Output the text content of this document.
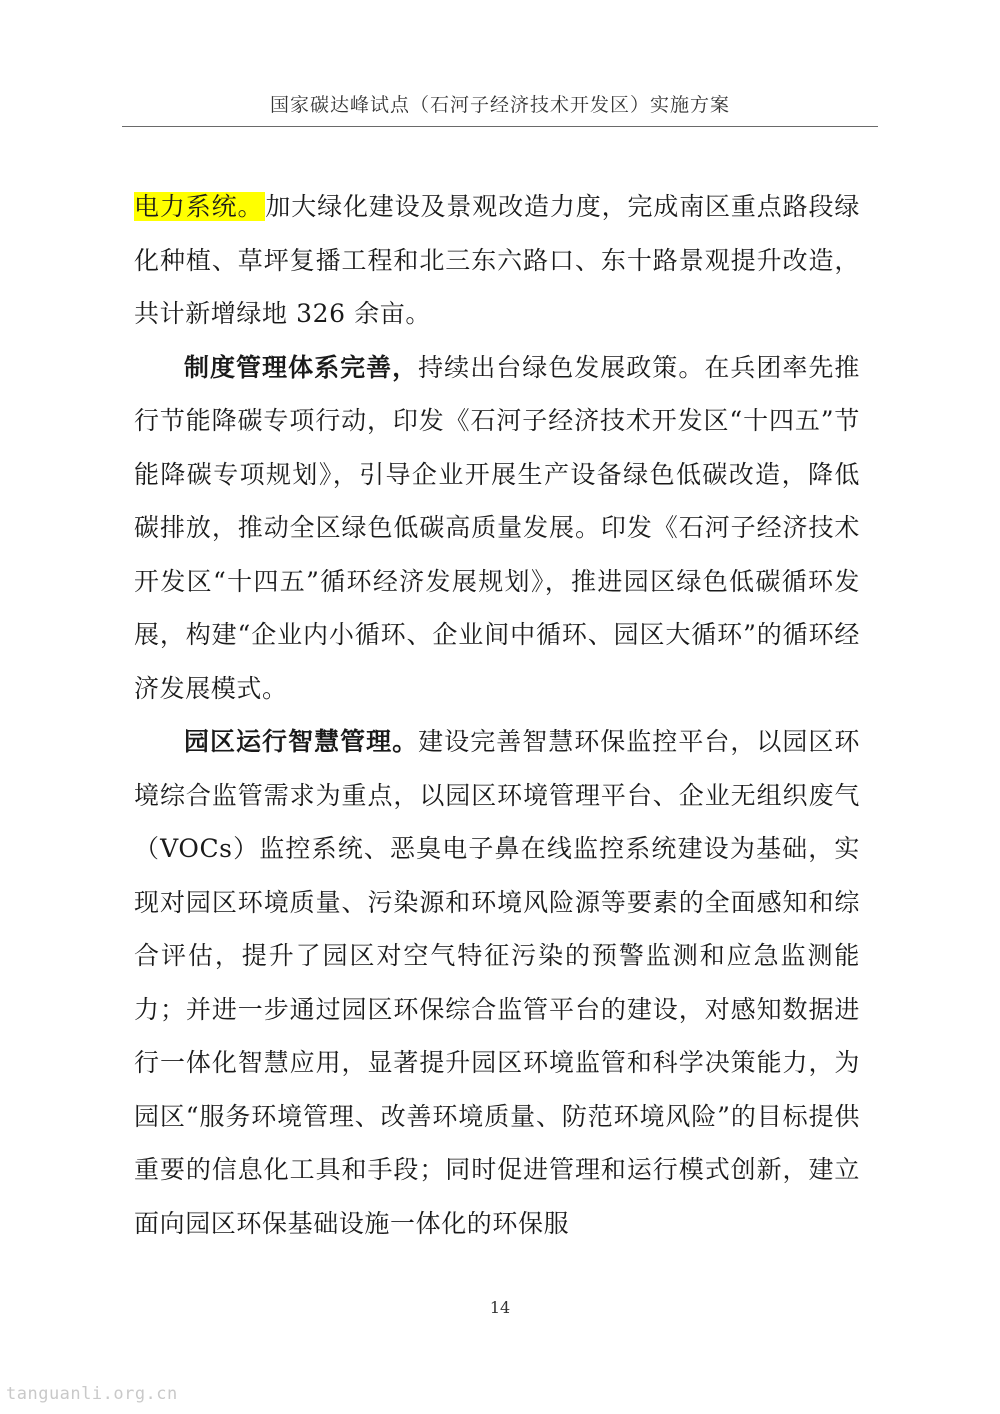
国家碳达峰试点（石河子经济技术开发区）实施方案

电力系统。加大绿化建设及景观改造力度，完成南区重点路段绿化种植、草坪复播工程和北三东六路口、东十路景观提升改造，共计新增绿地 326 余亩。

制度管理体系完善，持续出台绿色发展政策。在兵团率先推行节能降碳专项行动，印发《石河子经济技术开发区“十四五”节能降碳专项规划》，引导企业开展生产设备绿色低碳改造，降低碳排放，推动全区绿色低碳高质量发展。印发《石河子经济技术开发区“十四五”循环经济发展规划》，推进园区绿色低碳循环发展，构建“企业内小循环、企业间中循环、园区大循环”的循环经济发展模式。

园区运行智慧管理。建设完善智慧环保监控平台，以园区环境综合监管需求为重点，以园区环境管理平台、企业无组织废气（VOCs）监控系统、恶臭电子鼻在线监控系统建设为基础，实现对园区环境质量、污染源和环境风险源等要素的全面感知和综合评估，提升了园区对空气特征污染的预警监测和应急监测能力；并进一步通过园区环保综合监管平台的建设，对感知数据进行一体化智慧应用，显著提升园区环境监管和科学决策能力，为园区“服务环境管理、改善环境质量、防范环境风险”的目标提供重要的信息化工具和手段；同时促进管理和运行模式创新，建立面向园区环保基础设施一体化的环保服

14
tanguanli.org.cn
